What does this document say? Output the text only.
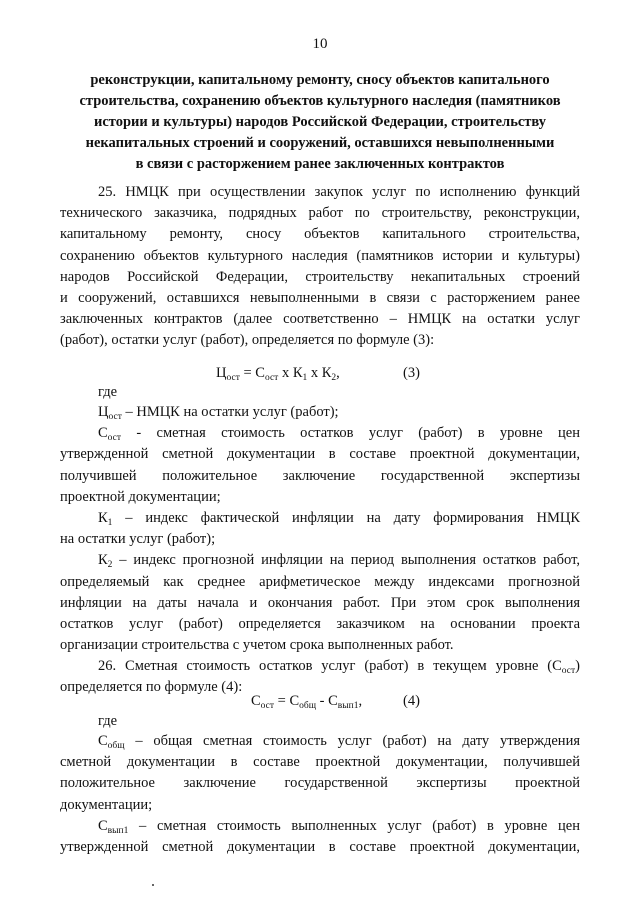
10
реконструкции, капитальному ремонту, сносу объектов капитального
строительства, сохранению объектов культурного наследия (памятников
истории и культуры) народов Российской Федерации, строительству
некапитальных строений и сооружений, оставшихся невыполненными
в связи с расторжением ранее заключенных контрактов
25. НМЦК при осуществлении закупок услуг по исполнению функций
технического заказчика, подрядных работ по строительству, реконструкции,
капитальному ремонту, сносу объектов капитального строительства,
сохранению объектов культурного наследия (памятников истории и культуры)
народов Российской Федерации, строительству некапитальных строений
и сооружений, оставшихся невыполненными в связи с расторжением ранее
заключенных контрактов (далее соответственно – НМЦК на остатки услуг
(работ), остатки услуг (работ), определяется по формуле (3):
$Ц_{ост} = С_{ост}$ х $К_1$ х $К_2$,	(3)
где
$Ц_{ост}$ – НМЦК на остатки услуг (работ);
$С_{ост}$ - сметная стоимость остатков услуг (работ) в уровне цен
утвержденной сметной документации в составе проектной документации,
получившей положительное заключение государственной экспертизы
проектной документации;
$К_1$ – индекс фактической инфляции на дату формирования НМЦК
на остатки услуг (работ);
$К_2$ – индекс прогнозной инфляции на период выполнения остатков работ,
определяемый как среднее арифметическое между индексами прогнозной
инфляции на даты начала и окончания работ. При этом срок выполнения
остатков услуг (работ) определяется заказчиком на основании проекта
организации строительства с учетом срока выполненных работ.
26. Сметная стоимость остатков услуг (работ) в текущем уровне $(С_{ост})$
определяется по формуле (4):
$С_{ост} = С_{общ} - С_{вып1}$,	(4)
где
$С_{общ}$ – общая сметная стоимость услуг (работ) на дату утверждения
сметной документации в составе проектной документации, получившей
положительное заключение государственной экспертизы проектной
документации;
$С_{вып1}$ – сметная стоимость выполненных услуг (работ) в уровне цен
утвержденной сметной документации в составе проектной документации,
